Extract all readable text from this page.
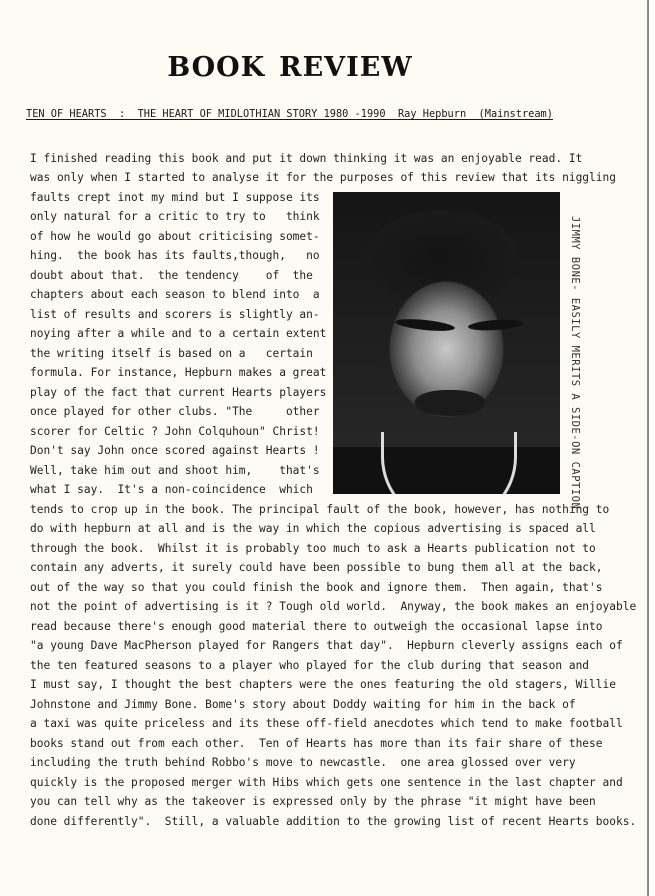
BOOK REVIEW
TEN OF HEARTS  :  THE HEART OF MIDLOTHIAN STORY 1980 -1990  Ray Hepburn  (Mainstream)
JIMMY BONE- EASILY MERITS A SIDE-ON CAPTION
I finished reading this book and put it down thinking it was an enjoyable read. It
was only when I started to analyse it for the purposes of this review that its niggling
faults crept inot my mind but I suppose its
only natural for a critic to try to   think
of how he would go about criticising somet-
hing.  the book has its faults,though,   no
doubt about that.  the tendency    of  the
chapters about each season to blend into  a
list of results and scorers is slightly an-
noying after a while and to a certain extent
the writing itself is based on a   certain
formula. For instance, Hepburn makes a great
play of the fact that current Hearts players
once played for other clubs. "The     other
scorer for Celtic ? John Colquhoun" Christ!
Don't say John once scored against Hearts !
Well, take him out and shoot him,    that's
what I say.  It's a non-coincidence  which
tends to crop up in the book. The principal fault of the book, however, has nothing to
do with hepburn at all and is the way in which the copious advertising is spaced all
through the book.  Whilst it is probably too much to ask a Hearts publication not to
contain any adverts, it surely could have been possible to bung them all at the back,
out of the way so that you could finish the book and ignore them.  Then again, that's
not the point of advertising is it ? Tough old world.  Anyway, the book makes an enjoyable
read because there's enough good material there to outweigh the occasional lapse into
"a young Dave MacPherson played for Rangers that day".  Hepburn cleverly assigns each of
the ten featured seasons to a player who played for the club during that season and
I must say, I thought the best chapters were the ones featuring the old stagers, Willie
Johnstone and Jimmy Bone. Bome's story about Doddy waiting for him in the back of
a taxi was quite priceless and its these off-field anecdotes which tend to make football
books stand out from each other.  Ten of Hearts has more than its fair share of these
including the truth behind Robbo's move to newcastle.  one area glossed over very
quickly is the proposed merger with Hibs which gets one sentence in the last chapter and
you can tell why as the takeover is expressed only by the phrase "it might have been
done differently".  Still, a valuable addition to the growing list of recent Hearts books.
